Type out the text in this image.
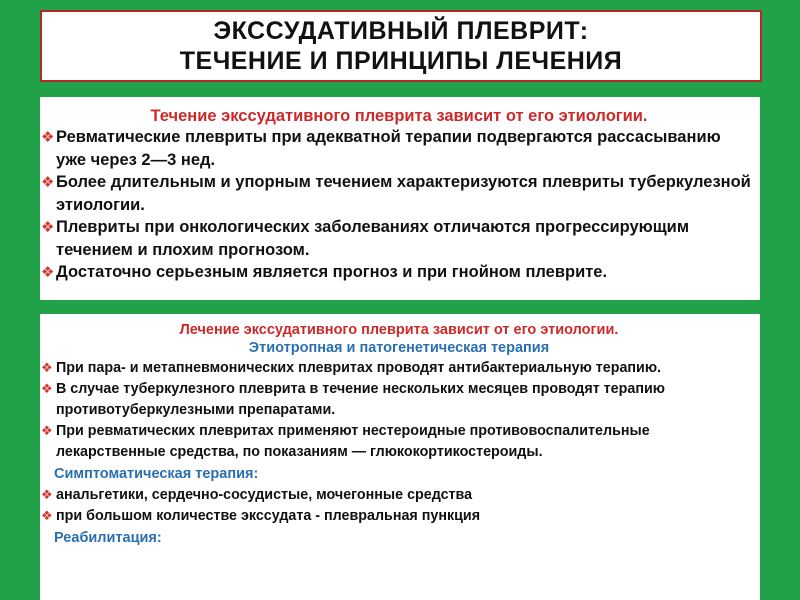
ЭКССУДАТИВНЫЙ ПЛЕВРИТ:
ТЕЧЕНИЕ И ПРИНЦИПЫ ЛЕЧЕНИЯ
Течение экссудативного плеврита зависит от его этиологии.
❖ Ревматические плевриты при адекватной терапии подвергаются рассасыванию уже через 2—3 нед.
❖ Более длительным и упорным течением характеризуются плевриты туберкулезной этиологии.
❖ Плевриты при онкологических заболеваниях отличаются прогрессирующим течением и плохим прогнозом.
❖ Достаточно серьезным является прогноз и при гнойном плеврите.
Лечение экссудативного плеврита зависит от его этиологии.
Этиотропная и патогенетическая терапия
❖ При пара- и метапневмонических плевритах проводят антибактериальную терапию.
❖ В случае туберкулезного плеврита в течение нескольких месяцев проводят терапию противотуберкулезными препаратами.
❖ При ревматических плевритах применяют нестероидные противовоспалительные лекарственные средства, по показаниям — глюкокортикостероиды.
Симптоматическая терапия:
❖ анальгетики, сердечно-сосудистые, мочегонные средства
❖ при большом количестве экссудата - плевральная пункция
Реабилитация:
